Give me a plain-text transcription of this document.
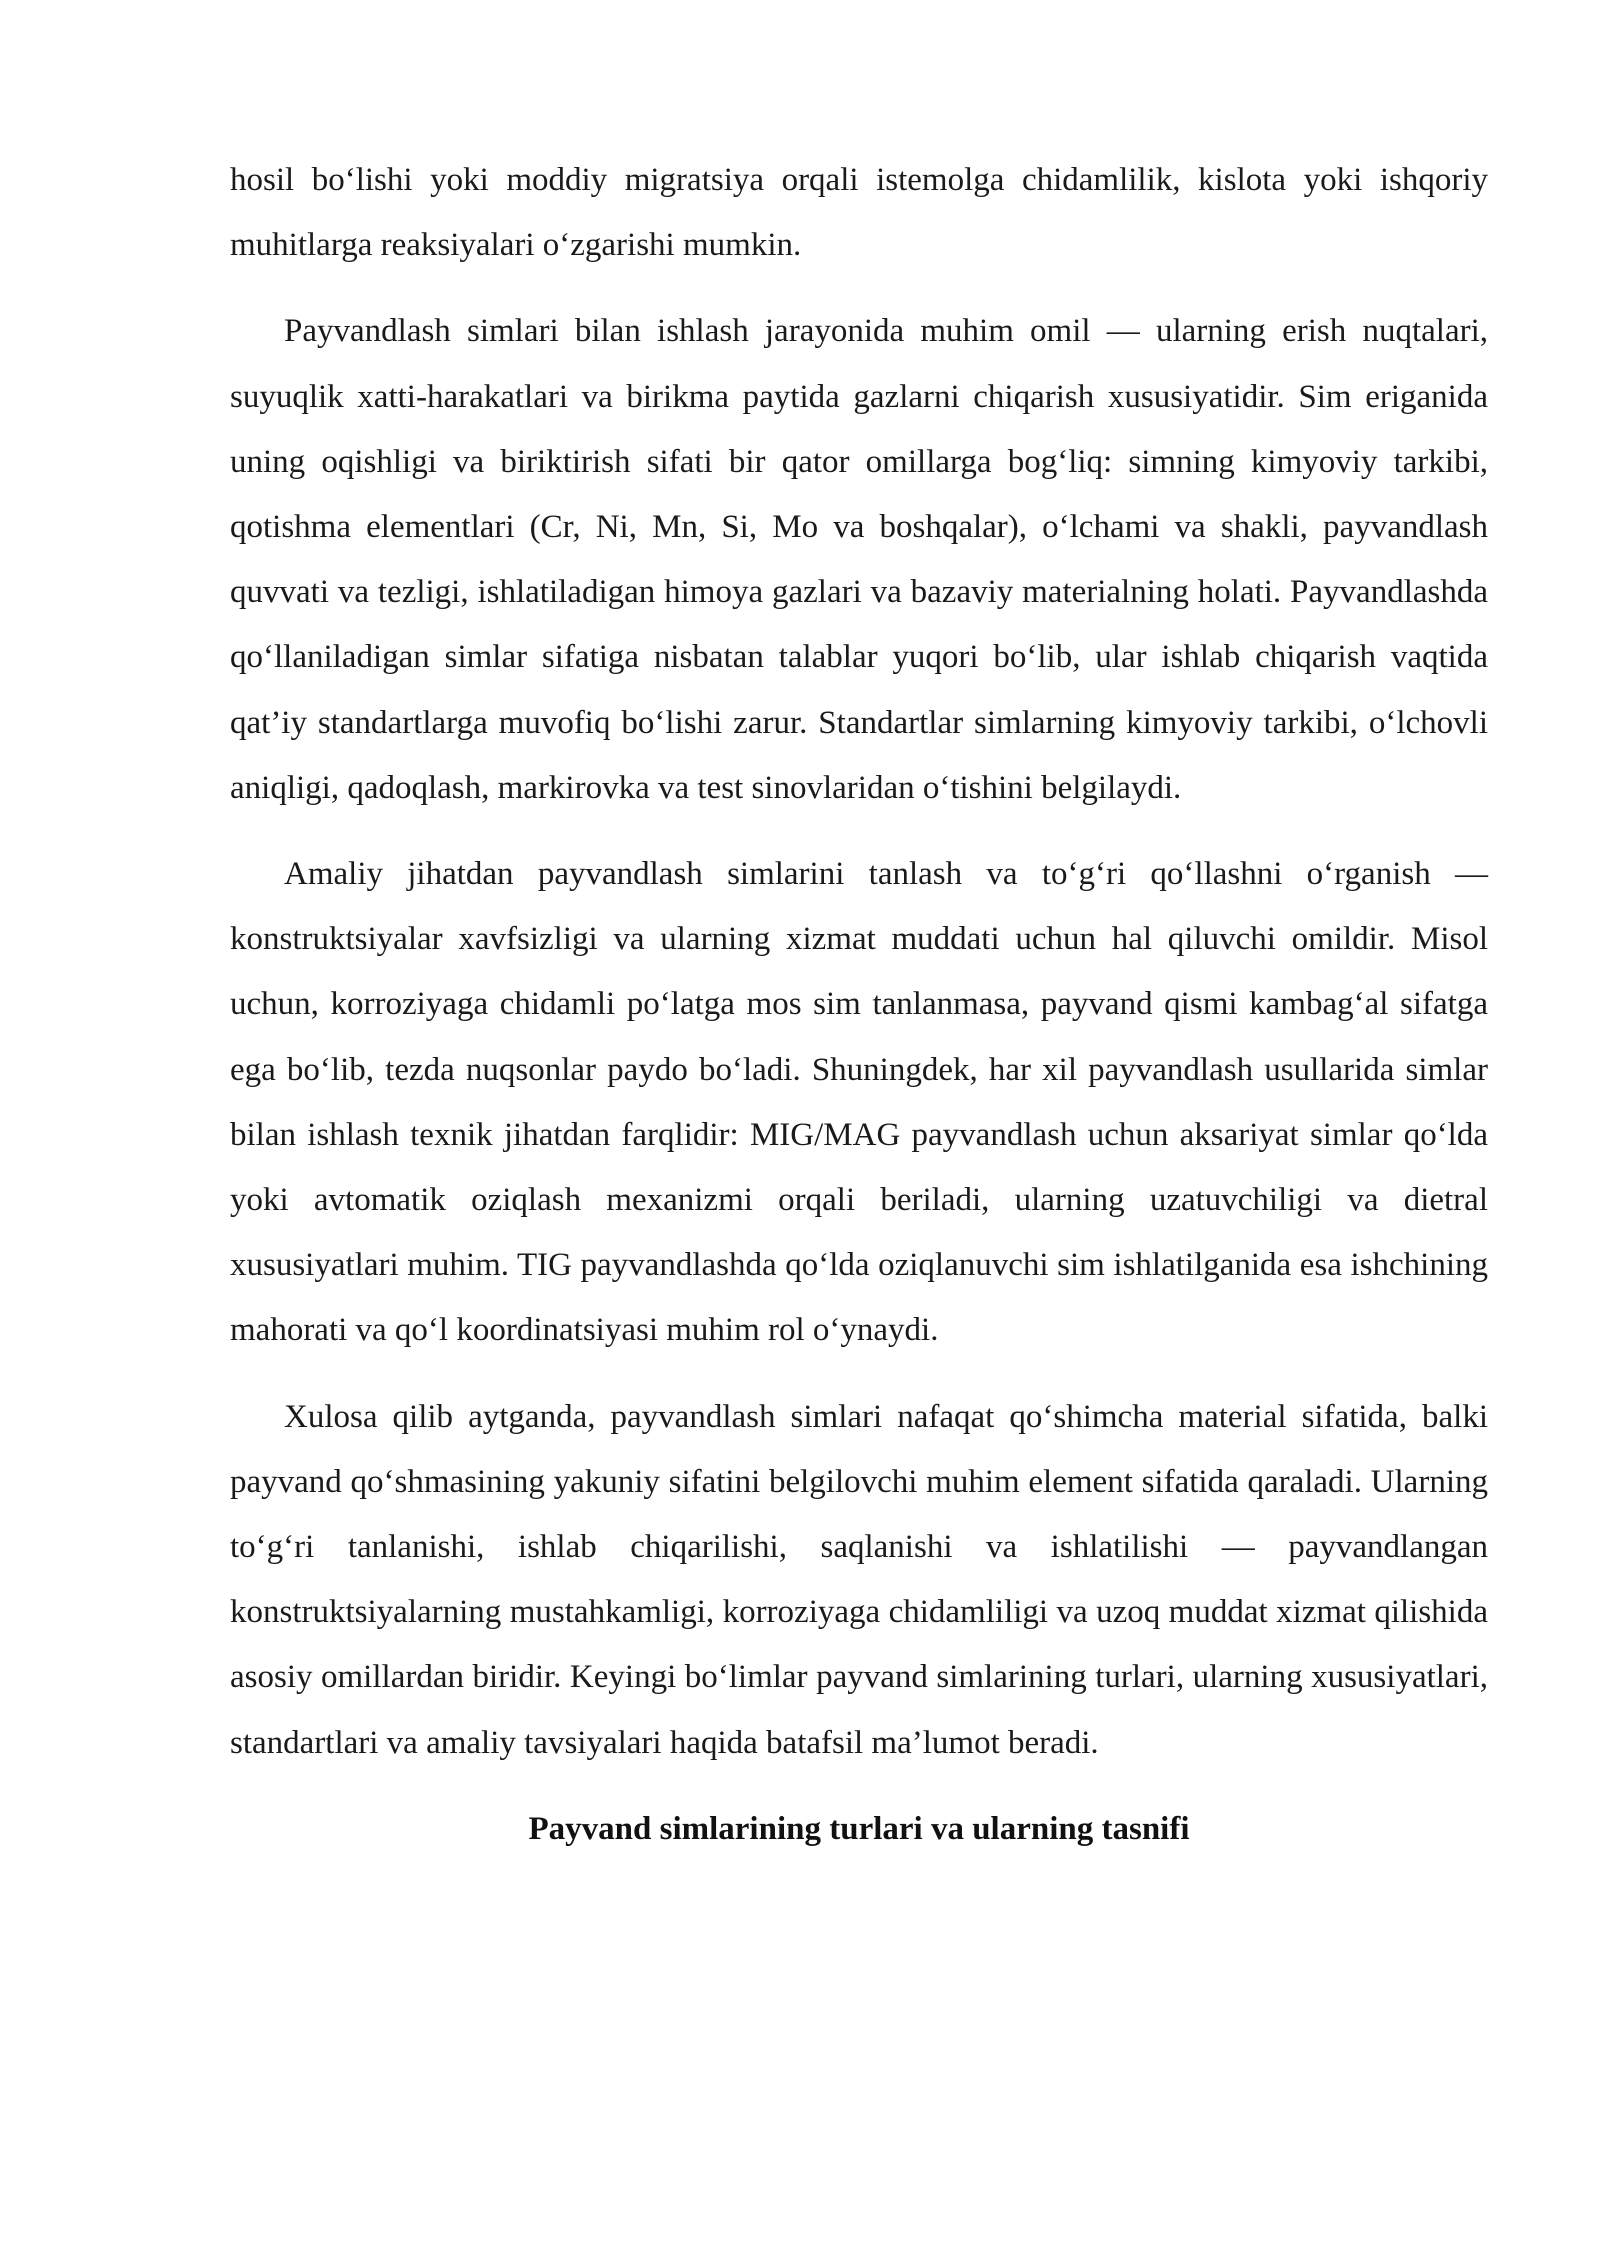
hosil bo‘lishi yoki moddiy migratsiya orqali istemolga chidamlilik, kislota yoki ishqoriy muhitlarga reaksiyalari o‘zgarishi mumkin.

Payvandlash simlari bilan ishlash jarayonida muhim omil — ularning erish nuqtalari, suyuqlik xatti-harakatlari va birikma paytida gazlarni chiqarish xususiyatidir. Sim eriganida uning oqishligi va biriktirish sifati bir qator omillarga bog‘liq: simning kimyoviy tarkibi, qotishma elementlari (Cr, Ni, Mn, Si, Mo va boshqalar), o‘lchami va shakli, payvandlash quvvati va tezligi, ishlatiladigan himoya gazlari va bazaviy materialning holati. Payvandlashda qo‘llaniladigan simlar sifatiga nisbatan talablar yuqori bo‘lib, ular ishlab chiqarish vaqtida qat’iy standartlarga muvofiq bo‘lishi zarur. Standartlar simlarning kimyoviy tarkibi, o‘lchovli aniqligi, qadoqlash, markirovka va test sinovlaridan o‘tishini belgilaydi.

Amaliy jihatdan payvandlash simlarini tanlash va to‘g‘ri qo‘llashni o‘rganish — konstruktsiyalar xavfsizligi va ularning xizmat muddati uchun hal qiluvchi omildir. Misol uchun, korroziyaga chidamli po‘latga mos sim tanlanmasa, payvand qismi kambag‘al sifatga ega bo‘lib, tezda nuqsonlar paydo bo‘ladi. Shuningdek, har xil payvandlash usullarida simlar bilan ishlash texnik jihatdan farqlidir: MIG/MAG payvandlash uchun aksariyat simlar qo‘lda yoki avtomatik oziqlash mexanizmi orqali beriladi, ularning uzatuvchiligi va dietral xususiyatlari muhim. TIG payvandlashda qo‘lda oziqlanuvchi sim ishlatilganida esa ishchining mahorati va qo‘l koordinatsiyasi muhim rol o‘ynaydi.

Xulosa qilib aytganda, payvandlash simlari nafaqat qo‘shimcha material sifatida, balki payvand qo‘shmasining yakuniy sifatini belgilovchi muhim element sifatida qaraladi. Ularning to‘g‘ri tanlanishi, ishlab chiqarilishi, saqlanishi va ishlatilishi — payvandlangan konstruktsiyalarning mustahkamligi, korroziyaga chidamliligi va uzoq muddat xizmat qilishida asosiy omillardan biridir. Keyingi bo‘limlar payvand simlarining turlari, ularning xususiyatlari, standartlari va amaliy tavsiyalari haqida batafsil ma’lumot beradi.

Payvand simlarining turlari va ularning tasnifi
